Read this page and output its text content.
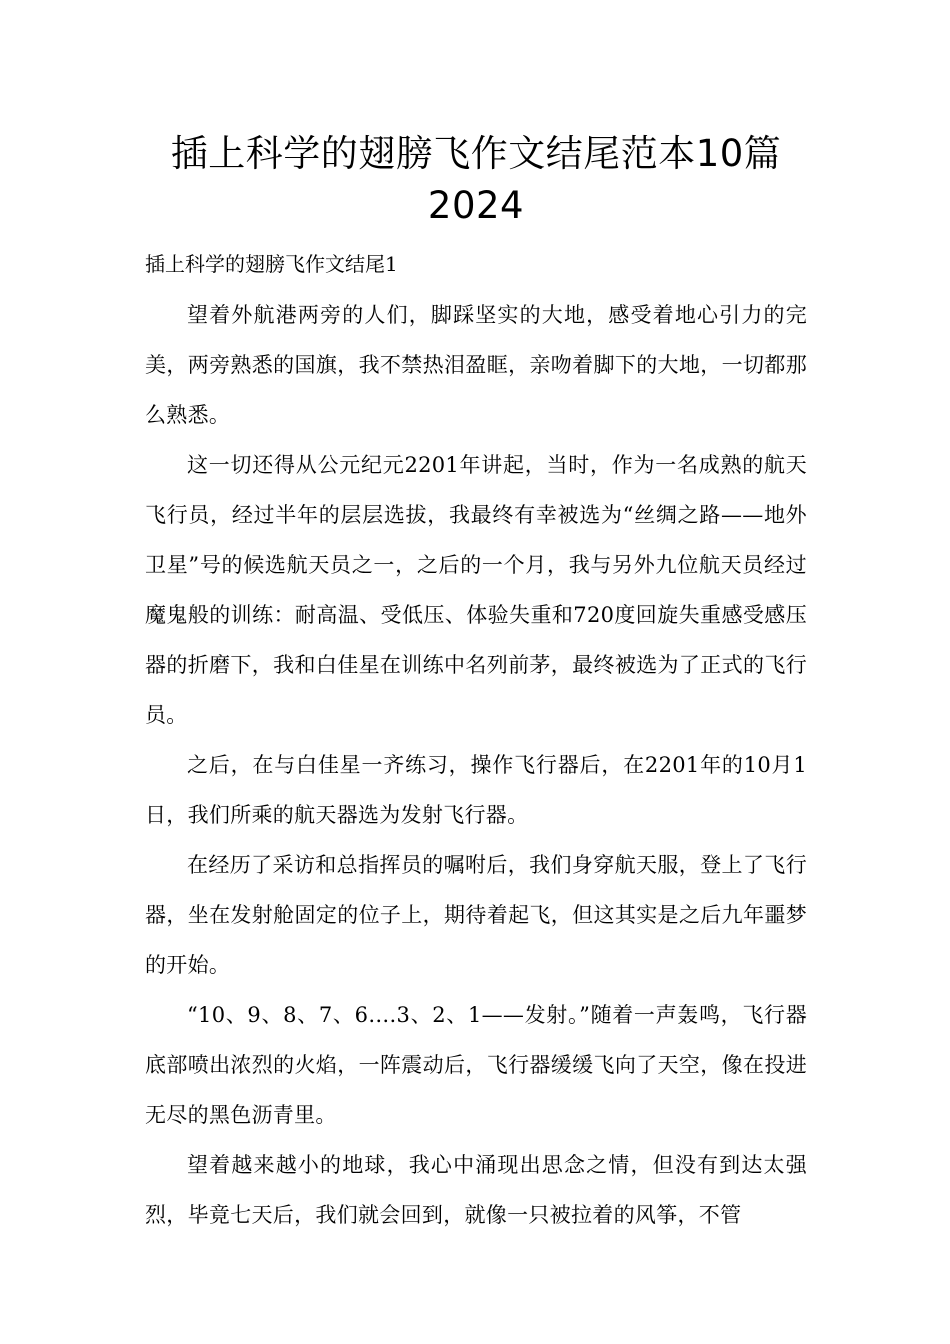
插上科学的翅膀飞作文结尾范本10篇2024
插上科学的翅膀飞作文结尾1

望着外航港两旁的人们，脚踩坚实的大地，感受着地心引力的完美，两旁熟悉的国旗，我不禁热泪盈眶，亲吻着脚下的大地，一切都那么熟悉。

这一切还得从公元纪元2201年讲起，当时，作为一名成熟的航天飞行员，经过半年的层层选拔，我最终有幸被选为“丝绸之路——地外卫星”号的候选航天员之一，之后的一个月，我与另外九位航天员经过魔鬼般的训练：耐高温、受低压、体验失重和720度回旋失重感受感压器的折磨下，我和白佳星在训练中名列前茅，最终被选为了正式的飞行员。

之后，在与白佳星一齐练习，操作飞行器后，在2201年的10月1日，我们所乘的航天器选为发射飞行器。

在经历了采访和总指挥员的嘱咐后，我们身穿航天服，登上了飞行器，坐在发射舱固定的位子上，期待着起飞，但这其实是之后九年噩梦的开始。

“10、9、8、7、6….3、2、1——发射。”随着一声轰鸣，飞行器底部喷出浓烈的火焰，一阵震动后，飞行器缓缓飞向了天空，像在投进无尽的黑色沥青里。

望着越来越小的地球，我心中涌现出思念之情，但没有到达太强烈，毕竟七天后，我们就会回到，就像一只被拉着的风筝，不管
